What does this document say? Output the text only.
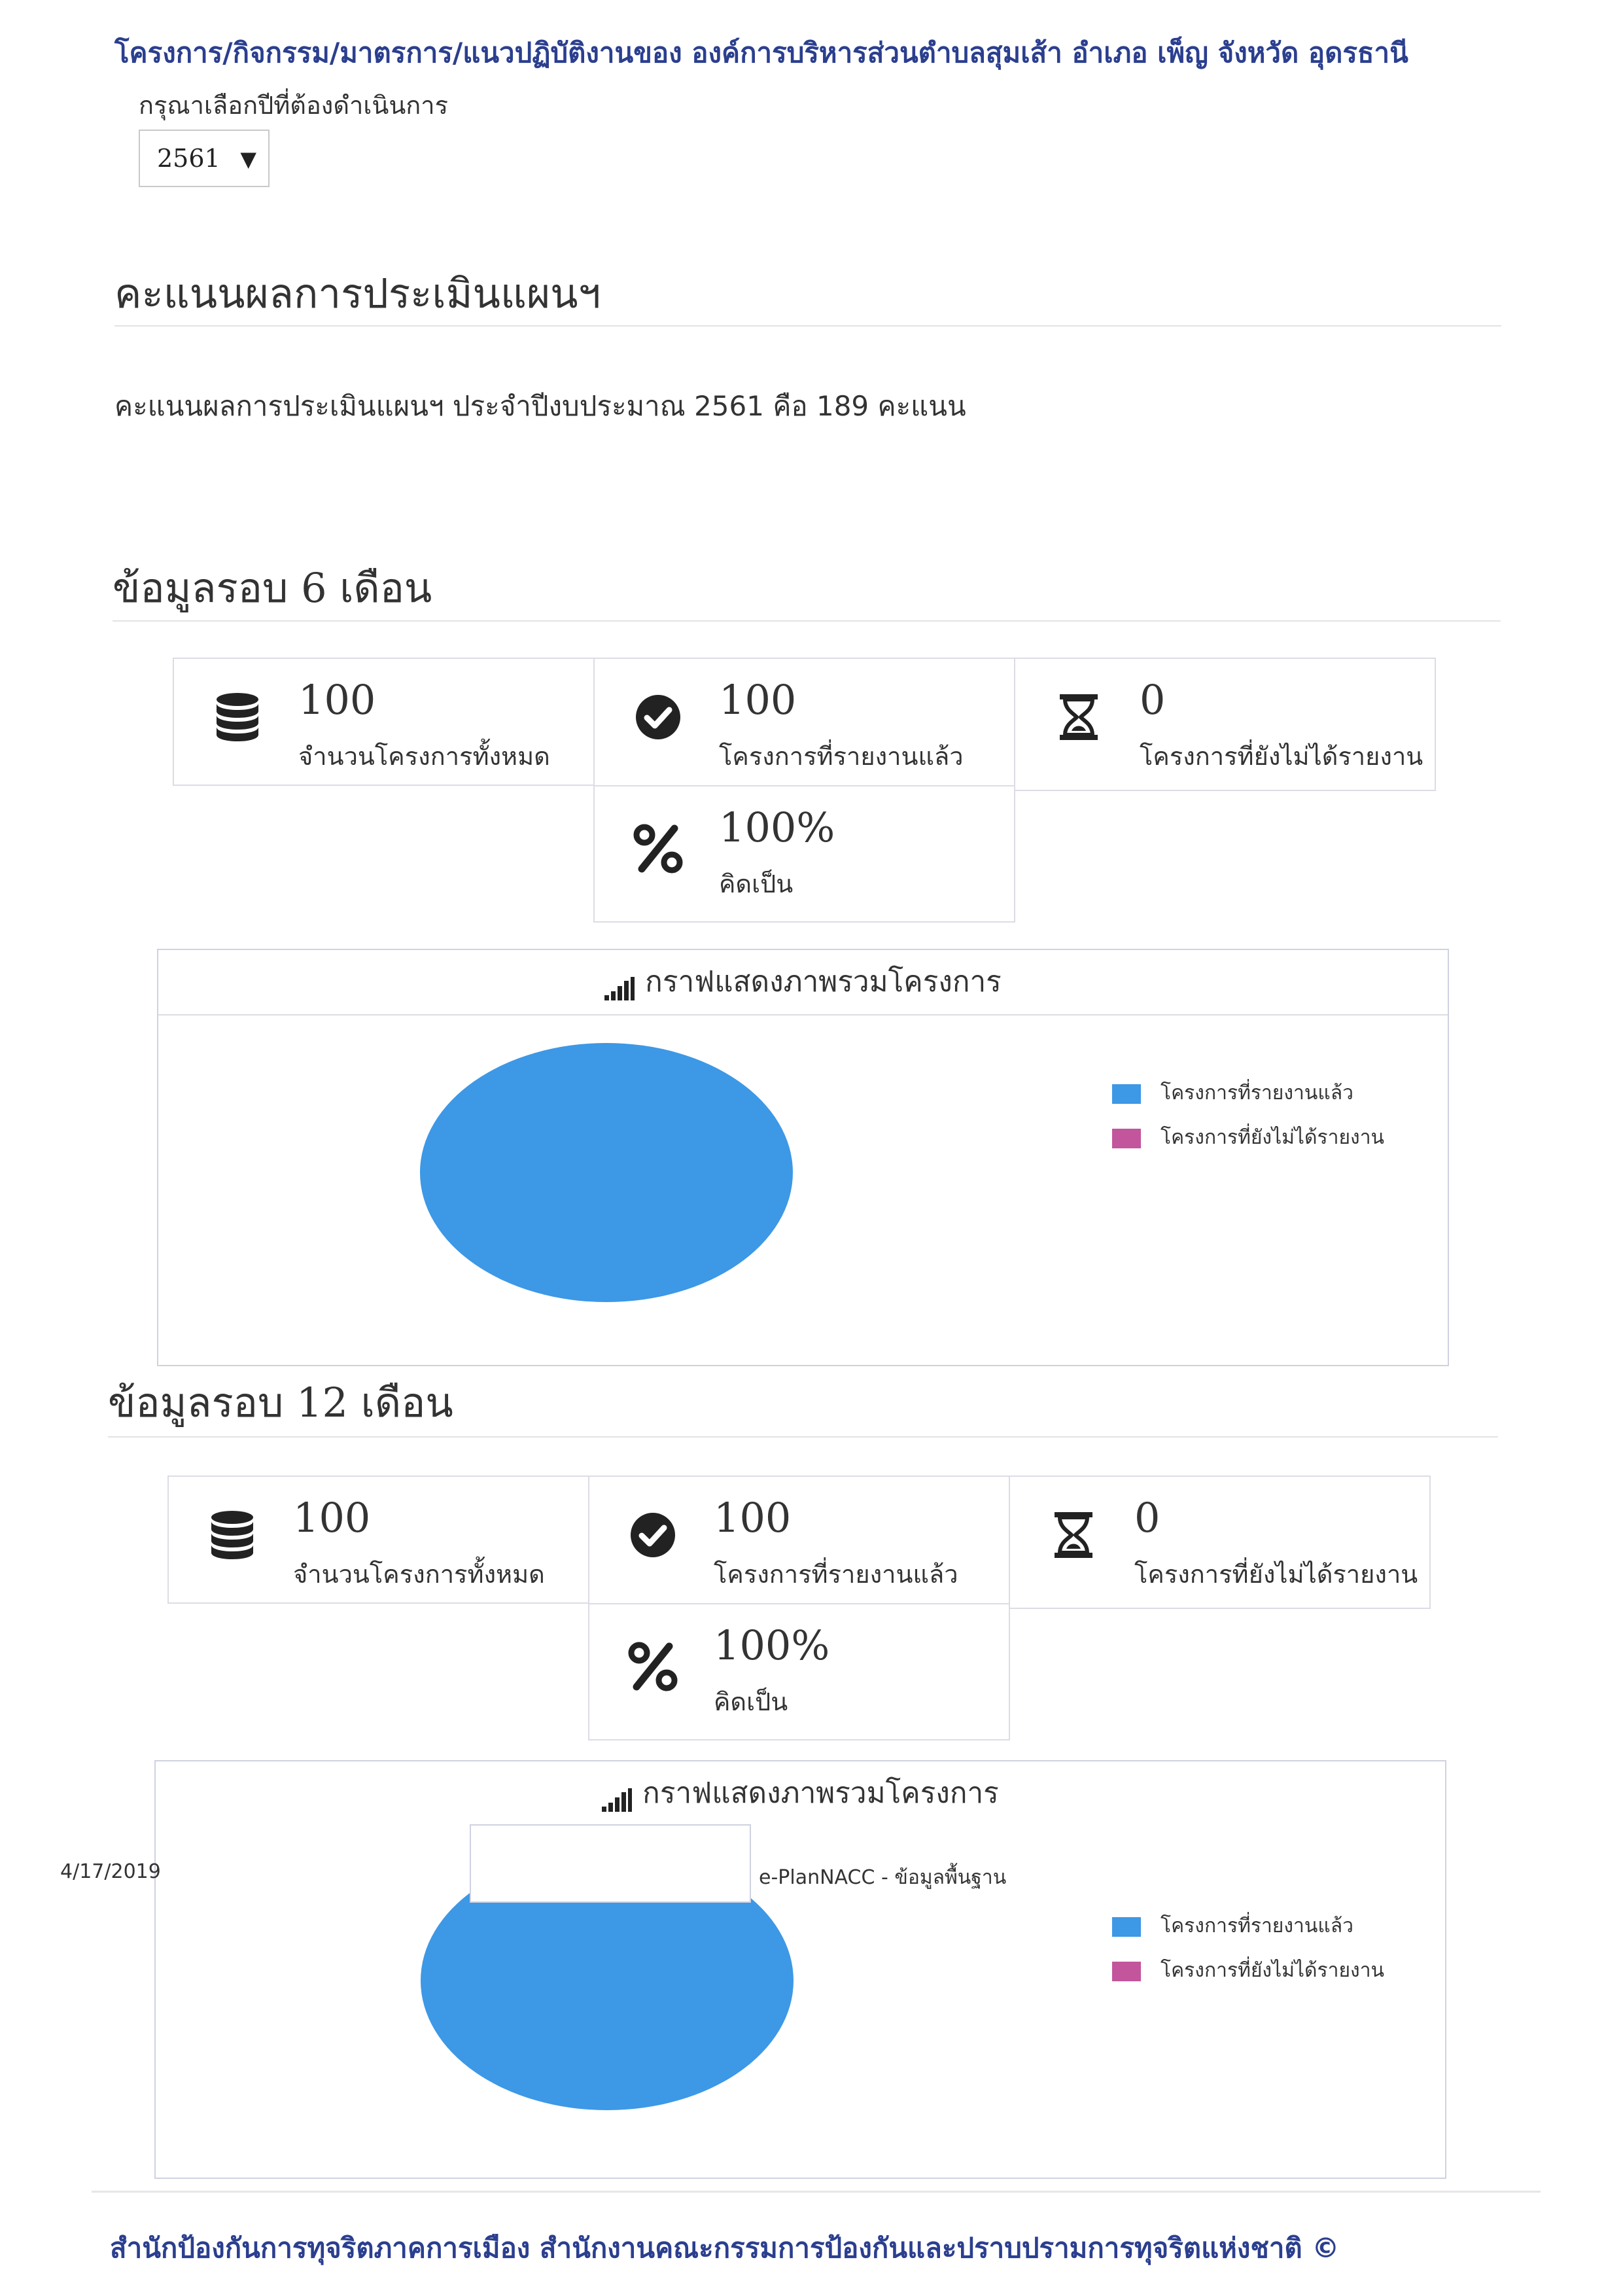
โครงการ/กิจกรรม/มาตรการ/แนวปฏิบัติงานของ องค์การบริหารส่วนตำบลสุมเส้า อำเภอ เพ็ญ จังหวัด อุดรธานี
กรุณาเลือกปีที่ต้องดำเนินการ
2561 ▼
คะแนนผลการประเมินแผนฯ
คะแนนผลการประเมินแผนฯ ประจำปีงบประมาณ 2561 คือ 189 คะแนน
ข้อมูลรอบ 6 เดือน
100
จำนวนโครงการทั้งหมด
100
โครงการที่รายงานแล้ว
0
โครงการที่ยังไม่ได้รายงาน
100%
คิดเป็น
กราฟแสดงภาพรวมโครงการ
โครงการที่รายงานแล้ว
โครงการที่ยังไม่ได้รายงาน
ข้อมูลรอบ 12 เดือน
100
จำนวนโครงการทั้งหมด
100
โครงการที่รายงานแล้ว
0
โครงการที่ยังไม่ได้รายงาน
100%
คิดเป็น
กราฟแสดงภาพรวมโครงการ
โครงการที่รายงานแล้ว
โครงการที่ยังไม่ได้รายงาน
4/17/2019	e-PlanNACC - ข้อมูลพื้นฐาน
สำนักป้องกันการทุจริตภาคการเมือง สำนักงานคณะกรรมการป้องกันและปราบปรามการทุจริตแห่งชาติ ©
